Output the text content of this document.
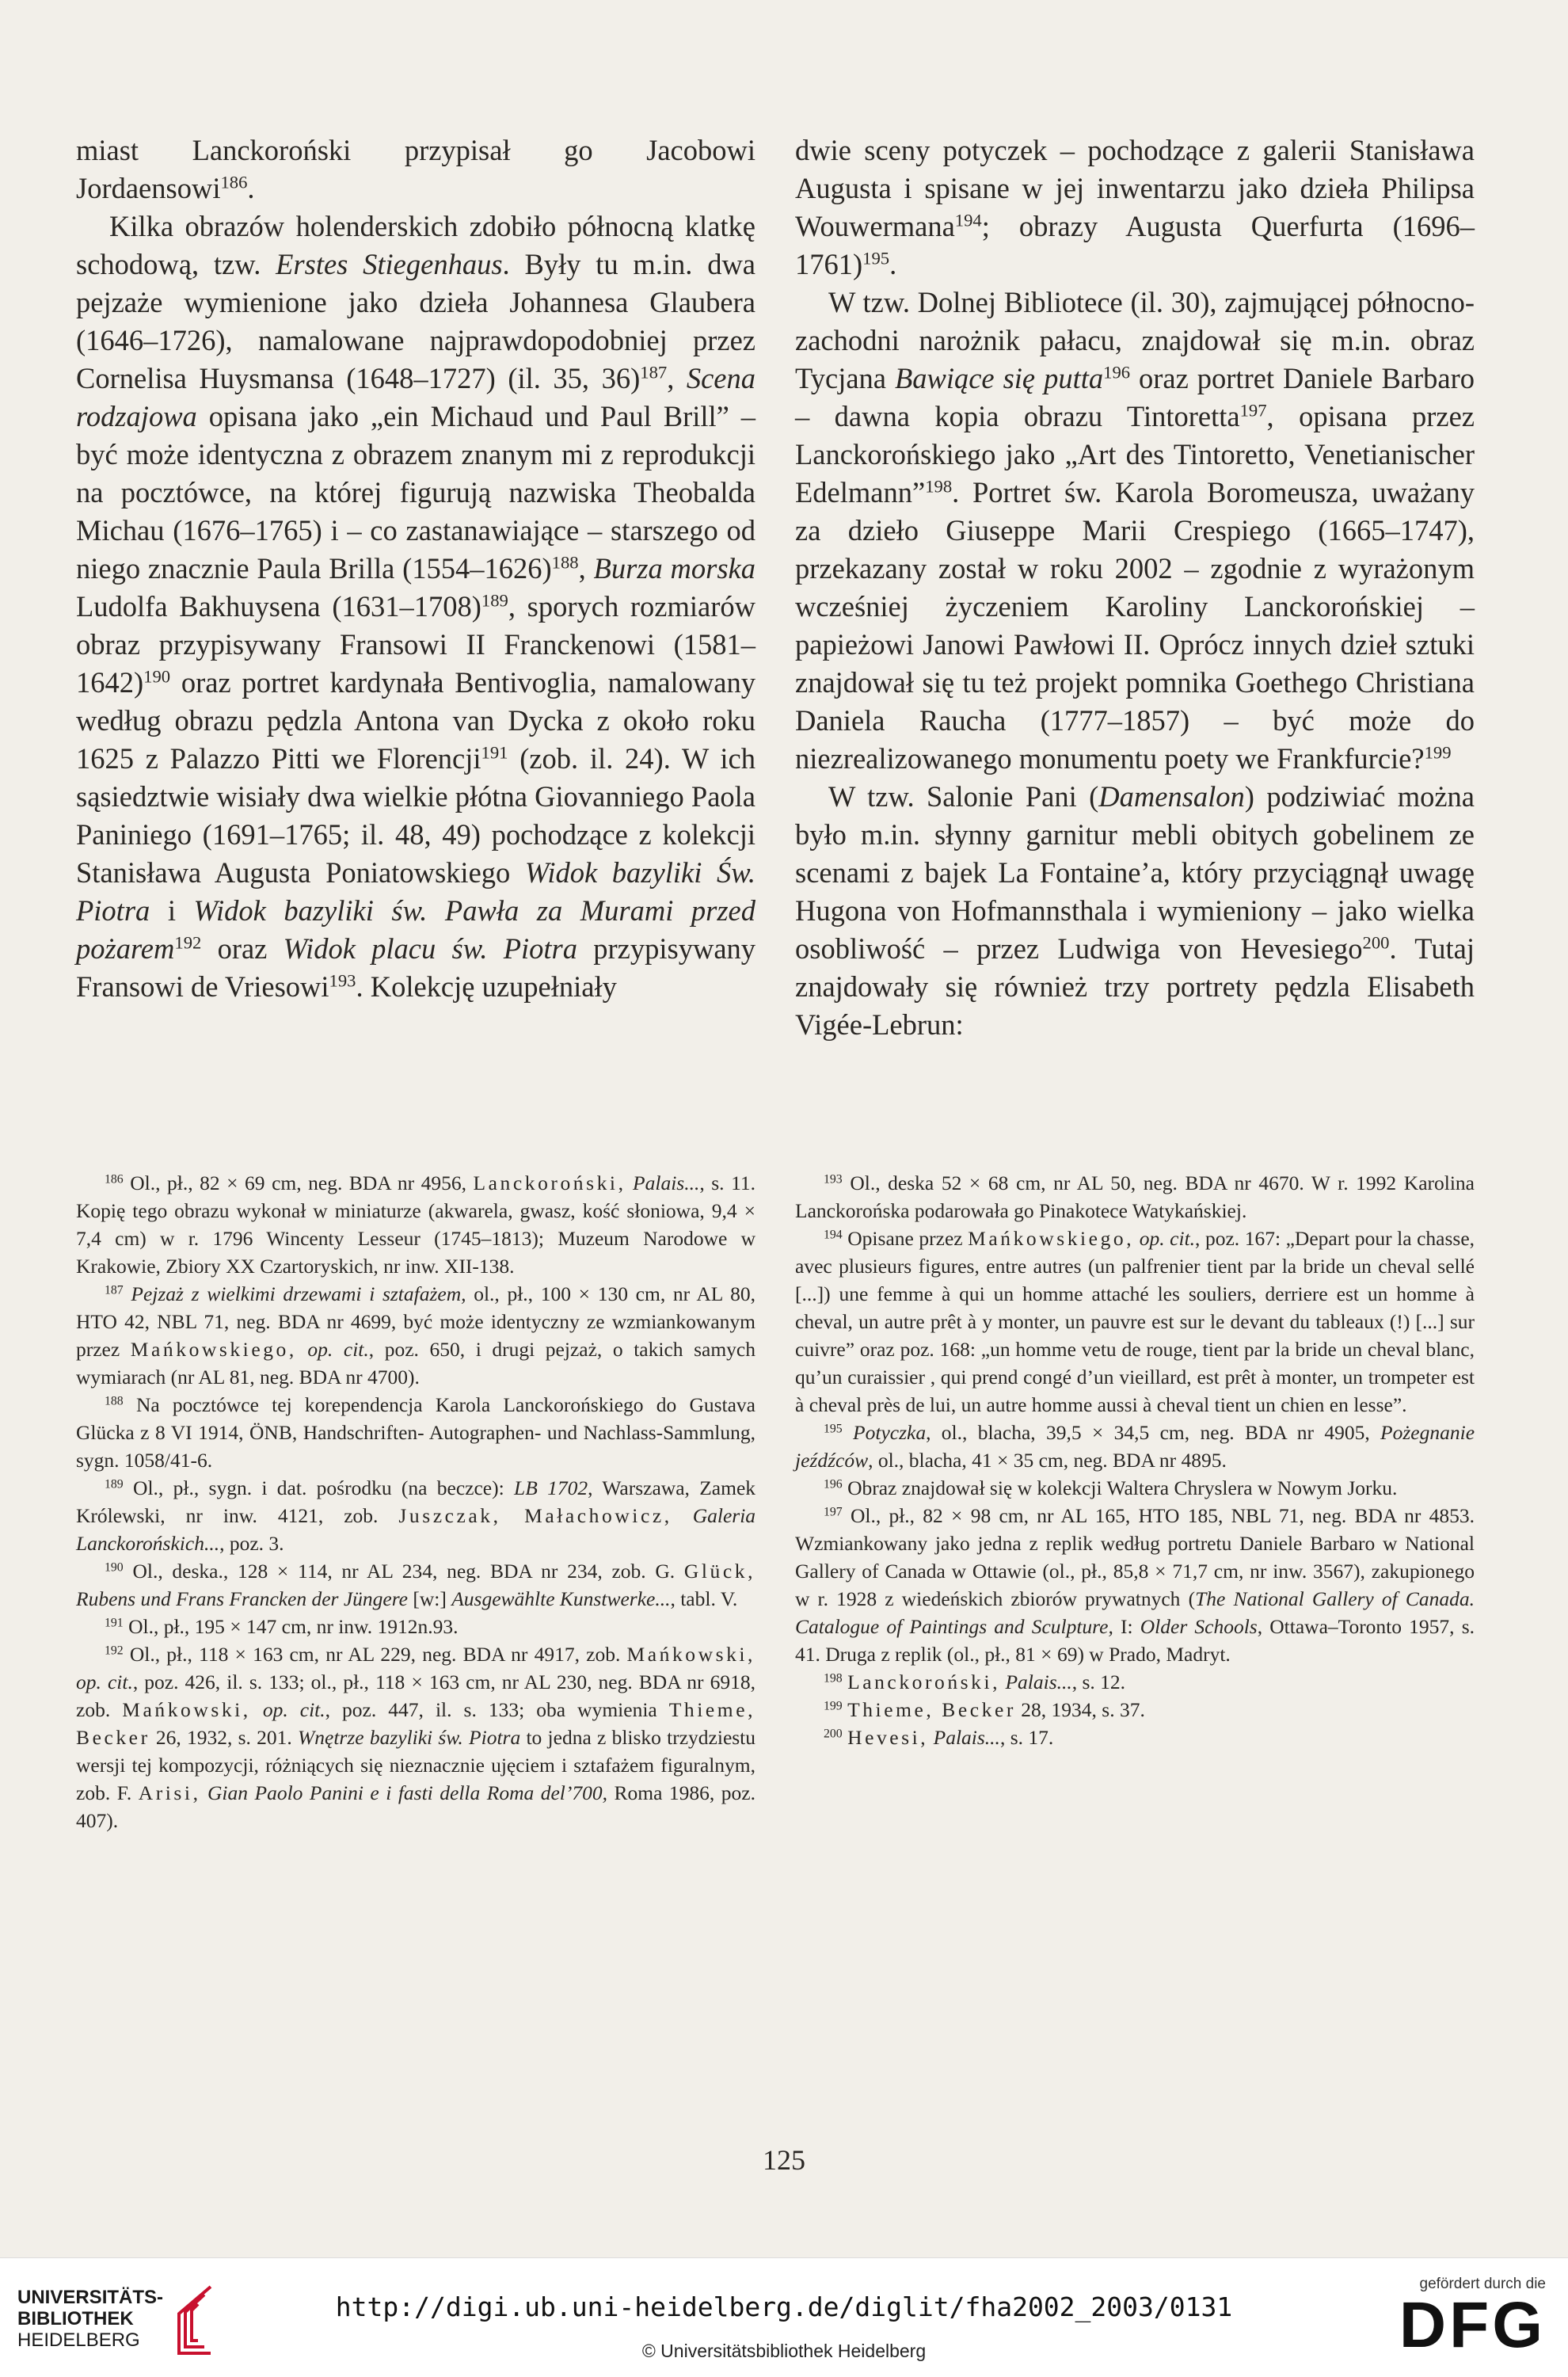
miast Lanckoroński przypisał go Jacobowi Jordaensowi$^{186}$.

Kilka obrazów holenderskich zdobiło północną klatkę schodową, tzw. Erstes Stiegenhaus. Były tu m.in. dwa pejzaże wymienione jako dzieła Johannesa Glaubera (1646–1726), namalowane najprawdopodobniej przez Cornelisa Huysmansa (1648–1727) (il. 35, 36)$^{187}$, Scena rodzajowa opisana jako „ein Michaud und Paul Brill” – być może identyczna z obrazem znanym mi z reprodukcji na pocztówce, na której figurują nazwiska Theobalda Michau (1676–1765) i – co zastanawiające – starszego od niego znacznie Paula Brilla (1554–1626)$^{188}$, Burza morska Ludolfa Bakhuysena (1631–1708)$^{189}$, sporych rozmiarów obraz przypisywany Fransowi II Franckenowi (1581–1642)$^{190}$ oraz portret kardynała Bentivoglia, namalowany według obrazu pędzla Antona van Dycka z około roku 1625 z Palazzo Pitti we Florencji$^{191}$ (zob. il. 24). W ich sąsiedztwie wisiały dwa wielkie płótna Giovanniego Paola Paniniego (1691–1765; il. 48, 49) pochodzące z kolekcji Stanisława Augusta Poniatowskiego Widok bazyliki Św. Piotra i Widok bazyliki św. Pawła za Murami przed pożarem$^{192}$ oraz Widok placu św. Piotra przypisywany Fransowi de Vriesowi$^{193}$. Kolekcję uzupełniały

dwie sceny potyczek – pochodzące z galerii Stanisława Augusta i spisane w jej inwentarzu jako dzieła Philipsa Wouwermana$^{194}$; obrazy Augusta Querfurta (1696–1761)$^{195}$.

W tzw. Dolnej Bibliotece (il. 30), zajmującej północno-zachodni narożnik pałacu, znajdował się m.in. obraz Tycjana Bawiące się putta$^{196}$ oraz portret Daniele Barbaro – dawna kopia obrazu Tintoretta$^{197}$, opisana przez Lanckorońskiego jako „Art des Tintoretto, Venetianischer Edelmann”$^{198}$. Portret św. Karola Boromeusza, uważany za dzieło Giuseppe Marii Crespiego (1665–1747), przekazany został w roku 2002 – zgodnie z wyrażonym wcześniej życzeniem Karoliny Lanckorońskiej – papieżowi Janowi Pawłowi II. Oprócz innych dzieł sztuki znajdował się tu też projekt pomnika Goethego Christiana Daniela Raucha (1777–1857) – być może do niezrealizowanego monumentu poety we Frankfurcie?$^{199}$

W tzw. Salonie Pani (Damensalon) podziwiać można było m.in. słynny garnitur mebli obitych gobelinem ze scenami z bajek La Fontaine’a, który przyciągnął uwagę Hugona von Hofmannsthala i wymieniony – jako wielka osobliwość – przez Ludwiga von Hevesiego$^{200}$. Tutaj znajdowały się również trzy portrety pędzla Elisabeth Vigée-Lebrun:

$^{186}$ Ol., pł., 82 × 69 cm, neg. BDA nr 4956, Lanckoroński, Palais..., s. 11. Kopię tego obrazu wykonał w miniaturze (akwarela, gwasz, kość słoniowa, 9,4 × 7,4 cm) w r. 1796 Wincenty Lesseur (1745–1813); Muzeum Narodowe w Krakowie, Zbiory XX Czartoryskich, nr inw. XII-138.

$^{187}$ Pejzaż z wielkimi drzewami i sztafażem, ol., pł., 100 × 130 cm, nr AL 80, HTO 42, NBL 71, neg. BDA nr 4699, być może identyczny ze wzmiankowanym przez Mańkowskiego, op. cit., poz. 650, i drugi pejzaż, o takich samych wymiarach (nr AL 81, neg. BDA nr 4700).

$^{188}$ Na pocztówce tej korependencja Karola Lanckorońskiego do Gustava Glücka z 8 VI 1914, ÖNB, Handschriften- Autographen- und Nachlass-Sammlung, sygn. 1058/41-6.

$^{189}$ Ol., pł., sygn. i dat. pośrodku (na beczce): LB 1702, Warszawa, Zamek Królewski, nr inw. 4121, zob. Juszczak, Małachowicz, Galeria Lanckorońskich..., poz. 3.

$^{190}$ Ol., deska., 128 × 114, nr AL 234, neg. BDA nr 234, zob. G. Glück, Rubens und Frans Francken der Jüngere [w:] Ausgewählte Kunstwerke..., tabl. V.

$^{191}$ Ol., pł., 195 × 147 cm, nr inw. 1912n.93.

$^{192}$ Ol., pł., 118 × 163 cm, nr AL 229, neg. BDA nr 4917, zob. Mańkowski, op. cit., poz. 426, il. s. 133; ol., pł., 118 × 163 cm, nr AL 230, neg. BDA nr 6918, zob. Mańkowski, op. cit., poz. 447, il. s. 133; oba wymienia Thieme, Becker 26, 1932, s. 201. Wnętrze bazyliki św. Piotra to jedna z blisko trzydziestu wersji tej kompozycji, różniących się nieznacznie ujęciem i sztafażem figuralnym, zob. F. Arisi, Gian Paolo Panini e i fasti della Roma del’700, Roma 1986, poz. 407).

$^{193}$ Ol., deska 52 × 68 cm, nr AL 50, neg. BDA nr 4670. W r. 1992 Karolina Lanckorońska podarowała go Pinakotece Watykańskiej.

$^{194}$ Opisane przez Mańkowskiego, op. cit., poz. 167: „Depart pour la chasse, avec plusieurs figures, entre autres (un palfrenier tient par la bride un cheval sellé [...]) une femme à qui un homme attaché les souliers, derriere est un homme à cheval, un autre prêt à y monter, un pauvre est sur le devant du tableaux (!) [...] sur cuivre” oraz poz. 168: „un homme vetu de rouge, tient par la bride un cheval blanc, qu’un curaissier , qui prend congé d’un vieillard, est prêt à monter, un trompeter est à cheval près de lui, un autre homme aussi à cheval tient un chien en lesse”.

$^{195}$ Potyczka, ol., blacha, 39,5 × 34,5 cm, neg. BDA nr 4905, Pożegnanie jeźdźców, ol., blacha, 41 × 35 cm, neg. BDA nr 4895.

$^{196}$ Obraz znajdował się w kolekcji Waltera Chryslera w Nowym Jorku.

$^{197}$ Ol., pł., 82 × 98 cm, nr AL 165, HTO 185, NBL 71, neg. BDA nr 4853. Wzmiankowany jako jedna z replik według portretu Daniele Barbaro w National Gallery of Canada w Ottawie (ol., pł., 85,8 × 71,7 cm, nr inw. 3567), zakupionego w r. 1928 z wiedeńskich zbiorów prywatnych (The National Gallery of Canada. Catalogue of Paintings and Sculpture, I: Older Schools, Ottawa–Toronto 1957, s. 41. Druga z replik (ol., pł., 81 × 69) w Prado, Madryt.

$^{198}$ Lanckoroński, Palais..., s. 12.

$^{199}$ Thieme, Becker 28, 1934, s. 37.

$^{200}$ Hevesi, Palais..., s. 17.

125
UNIVERSITÄTS-
BIBLIOTHEK
HEIDELBERG
http://digi.ub.uni-heidelberg.de/diglit/fha2002_2003/0131
© Universitätsbibliothek Heidelberg
gefördert durch die
DFG
